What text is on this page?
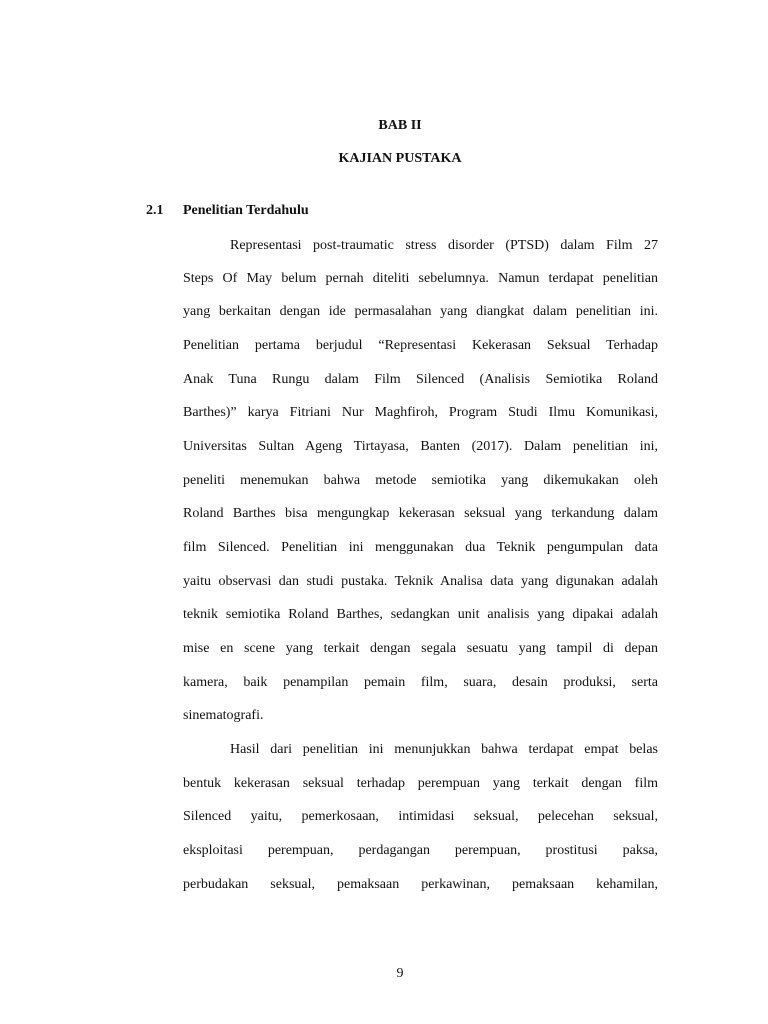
BAB II
KAJIAN PUSTAKA
2.1 Penelitian Terdahulu
Representasi post-traumatic stress disorder (PTSD) dalam Film 27
Steps Of May belum pernah diteliti sebelumnya. Namun terdapat penelitian
yang berkaitan dengan ide permasalahan yang diangkat dalam penelitian ini.
Penelitian pertama berjudul “Representasi Kekerasan Seksual Terhadap
Anak Tuna Rungu dalam Film Silenced (Analisis Semiotika Roland
Barthes)” karya Fitriani Nur Maghfiroh, Program Studi Ilmu Komunikasi,
Universitas Sultan Ageng Tirtayasa, Banten (2017). Dalam penelitian ini,
peneliti menemukan bahwa metode semiotika yang dikemukakan oleh
Roland Barthes bisa mengungkap kekerasan seksual yang terkandung dalam
film Silenced. Penelitian ini menggunakan dua Teknik pengumpulan data
yaitu observasi dan studi pustaka. Teknik Analisa data yang digunakan adalah
teknik semiotika Roland Barthes, sedangkan unit analisis yang dipakai adalah
mise en scene yang terkait dengan segala sesuatu yang tampil di depan
kamera, baik penampilan pemain film, suara, desain produksi, serta
sinematografi.
Hasil dari penelitian ini menunjukkan bahwa terdapat empat belas
bentuk kekerasan seksual terhadap perempuan yang terkait dengan film
Silenced yaitu, pemerkosaan, intimidasi seksual, pelecehan seksual,
eksploitasi perempuan, perdagangan perempuan, prostitusi paksa,
perbudakan seksual, pemaksaan perkawinan, pemaksaan kehamilan,
9
